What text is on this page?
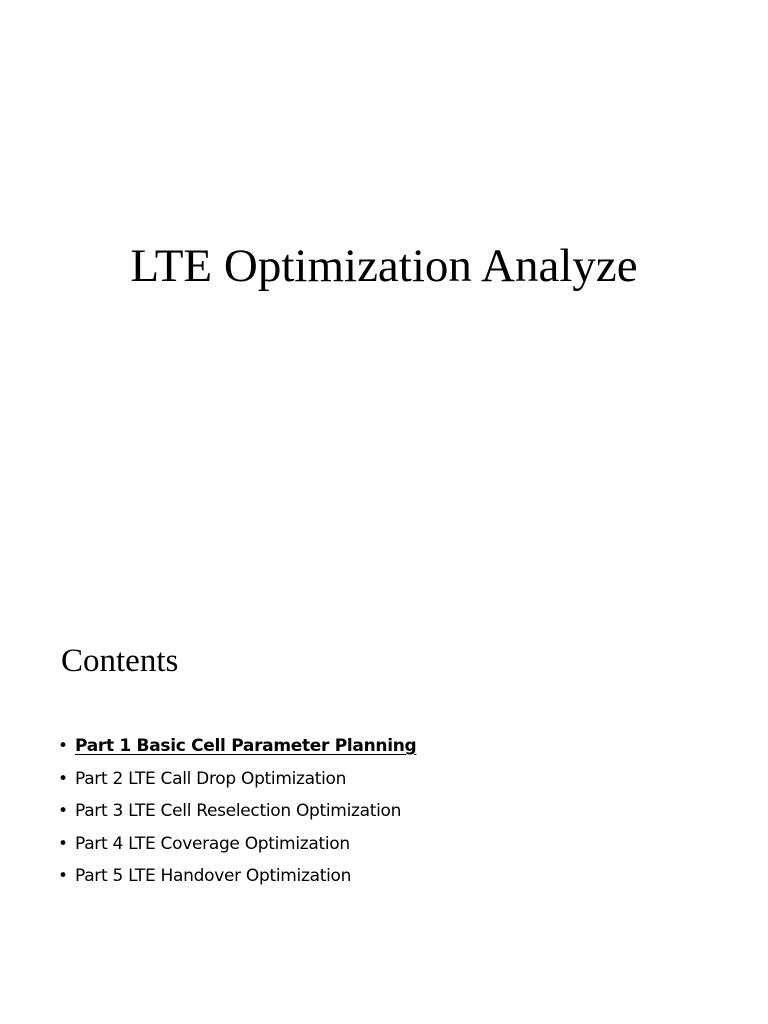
LTE Optimization Analyze
Contents
• Part 1 Basic Cell Parameter Planning
• Part 2 LTE Call Drop Optimization
• Part 3 LTE Cell Reselection Optimization
• Part 4 LTE Coverage Optimization
• Part 5 LTE Handover Optimization
